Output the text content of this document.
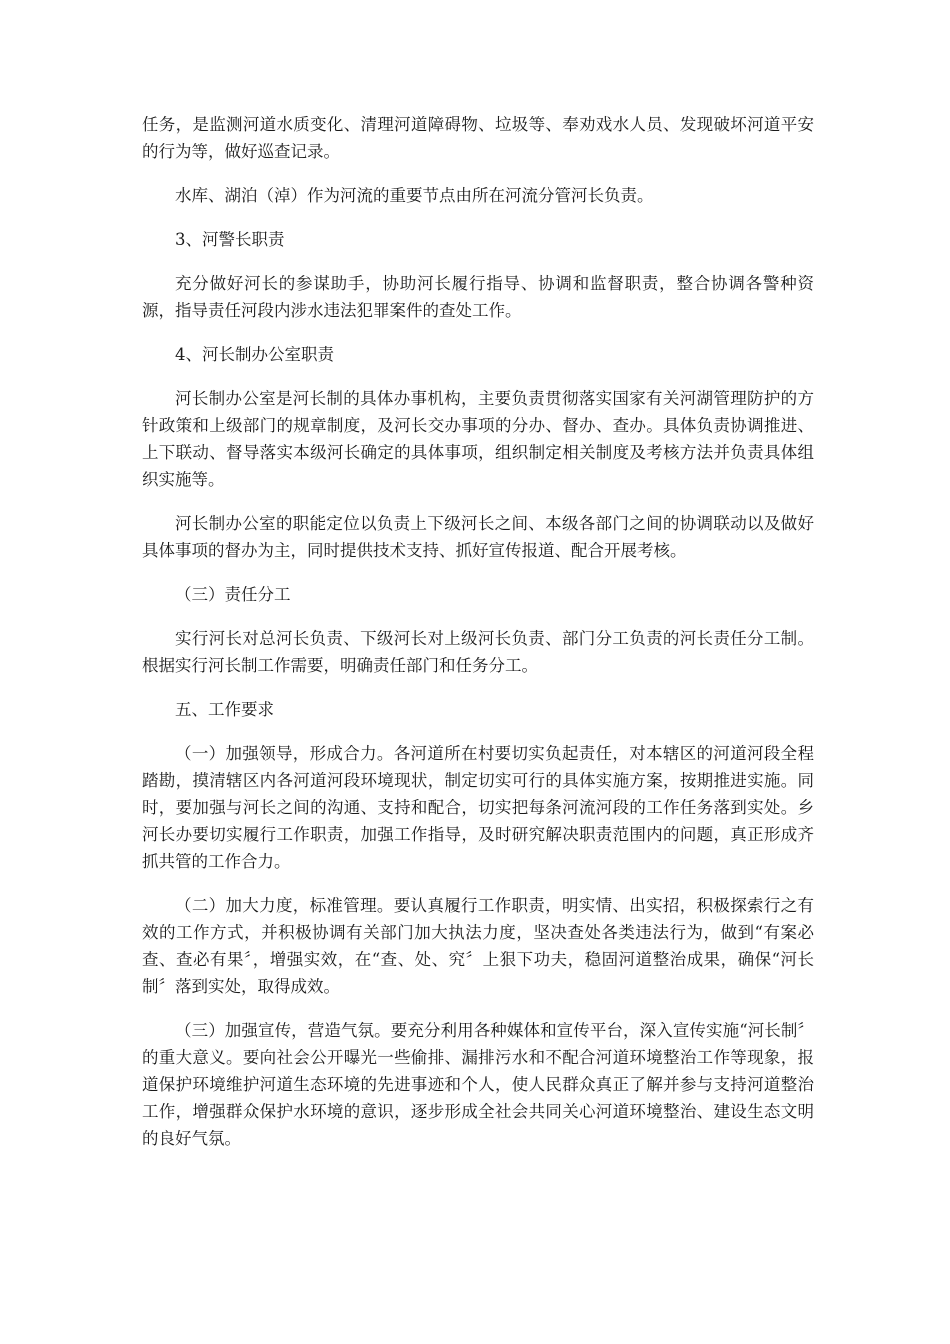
任务，是监测河道水质变化、清理河道障碍物、垃圾等、奉劝戏水人员、发现破坏河道平安的行为等，做好巡查记录。

水库、湖泊（淖）作为河流的重要节点由所在河流分管河长负责。

3、河警长职责

充分做好河长的参谋助手，协助河长履行指导、协调和监督职责，整合协调各警种资源，指导责任河段内涉水违法犯罪案件的查处工作。

4、河长制办公室职责

河长制办公室是河长制的具体办事机构，主要负责贯彻落实国家有关河湖管理防护的方针政策和上级部门的规章制度，及河长交办事项的分办、督办、查办。具体负责协调推进、上下联动、督导落实本级河长确定的具体事项，组织制定相关制度及考核方法并负责具体组织实施等。

河长制办公室的职能定位以负责上下级河长之间、本级各部门之间的协调联动以及做好具体事项的督办为主，同时提供技术支持、抓好宣传报道、配合开展考核。

（三）责任分工

实行河长对总河长负责、下级河长对上级河长负责、部门分工负责的河长责任分工制。根据实行河长制工作需要，明确责任部门和任务分工。

五、工作要求

（一）加强领导，形成合力。各河道所在村要切实负起责任，对本辖区的河道河段全程踏勘，摸清辖区内各河道河段环境现状，制定切实可行的具体实施方案，按期推进实施。同时，要加强与河长之间的沟通、支持和配合，切实把每条河流河段的工作任务落到实处。乡河长办要切实履行工作职责，加强工作指导，及时研究解决职责范围内的问题，真正形成齐抓共管的工作合力。

（二）加大力度，标准管理。要认真履行工作职责，明实情、出实招，积极探索行之有效的工作方式，并积极协调有关部门加大执法力度，坚决查处各类违法行为，做到“有案必查、查必有果〞，增强实效，在“查、处、究〞上狠下功夫，稳固河道整治成果，确保“河长制〞落到实处，取得成效。

（三）加强宣传，营造气氛。要充分利用各种媒体和宣传平台，深入宣传实施“河长制〞的重大意义。要向社会公开曝光一些偷排、漏排污水和不配合河道环境整治工作等现象，报道保护环境维护河道生态环境的先进事迹和个人，使人民群众真正了解并参与支持河道整治工作，增强群众保护水环境的意识，逐步形成全社会共同关心河道环境整治、建设生态文明的良好气氛。
